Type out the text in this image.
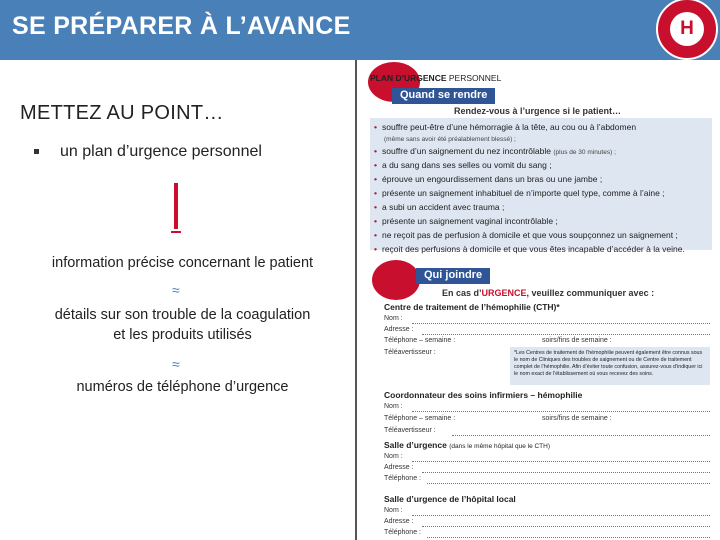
SE PRÉPARER À L’AVANCE	H
METTEZ AU POINT…
un plan d’urgence personnel
information précise concernant le patient
≈
détails sur son trouble de la coagulation
et les produits utilisés
≈
numéros de téléphone d’urgence
PLAN D’URGENCE PERSONNEL
Quand se rendre
Rendez-vous à l’urgence si le patient…
• souffre peut-être d’une hémorragie à la tête, au cou ou à l’abdomen
(même sans avoir été préalablement blessé) ;
• souffre d’un saignement du nez incontrôlable (plus de 30 minutes) ;
• a du sang dans ses selles ou vomit du sang ;
• éprouve un engourdissement dans un bras ou une jambe ;
• présente un saignement inhabituel de n’importe quel type, comme à l’aine ;
• a subi un accident avec trauma ;
• présente un saignement vaginal incontrôlable ;
• ne reçoit pas de perfusion à domicile et que vous soupçonnez un saignement ;
• reçoit des perfusions à domicile et que vous êtes incapable d’accéder à la veine.
Qui joindre
En cas d’URGENCE, veuillez communiquer avec :
Centre de traitement de l’hémophilie (CTH)*
Nom :
Adresse :
Téléphone – semaine :	soirs/fins de semaine :
Téléavertisseur :	*Les Centres de traitement de l’hémophilie peuvent également être connus sous le nom de Cliniques des troubles de saignement ou de Centre de traitement complet de l’hémophilie. Afin d’éviter toute confusion, assurez-vous d’indiquer ici le nom exact de l’établissement où vous recevez des soins.
Coordonnateur des soins infirmiers – hémophilie
Nom :
Téléphone – semaine :	soirs/fins de semaine :
Téléavertisseur :
Salle d’urgence (dans le même hôpital que le CTH)
Nom :
Adresse :
Téléphone :
Salle d’urgence de l’hôpital local
Nom :
Adresse :
Téléphone :
